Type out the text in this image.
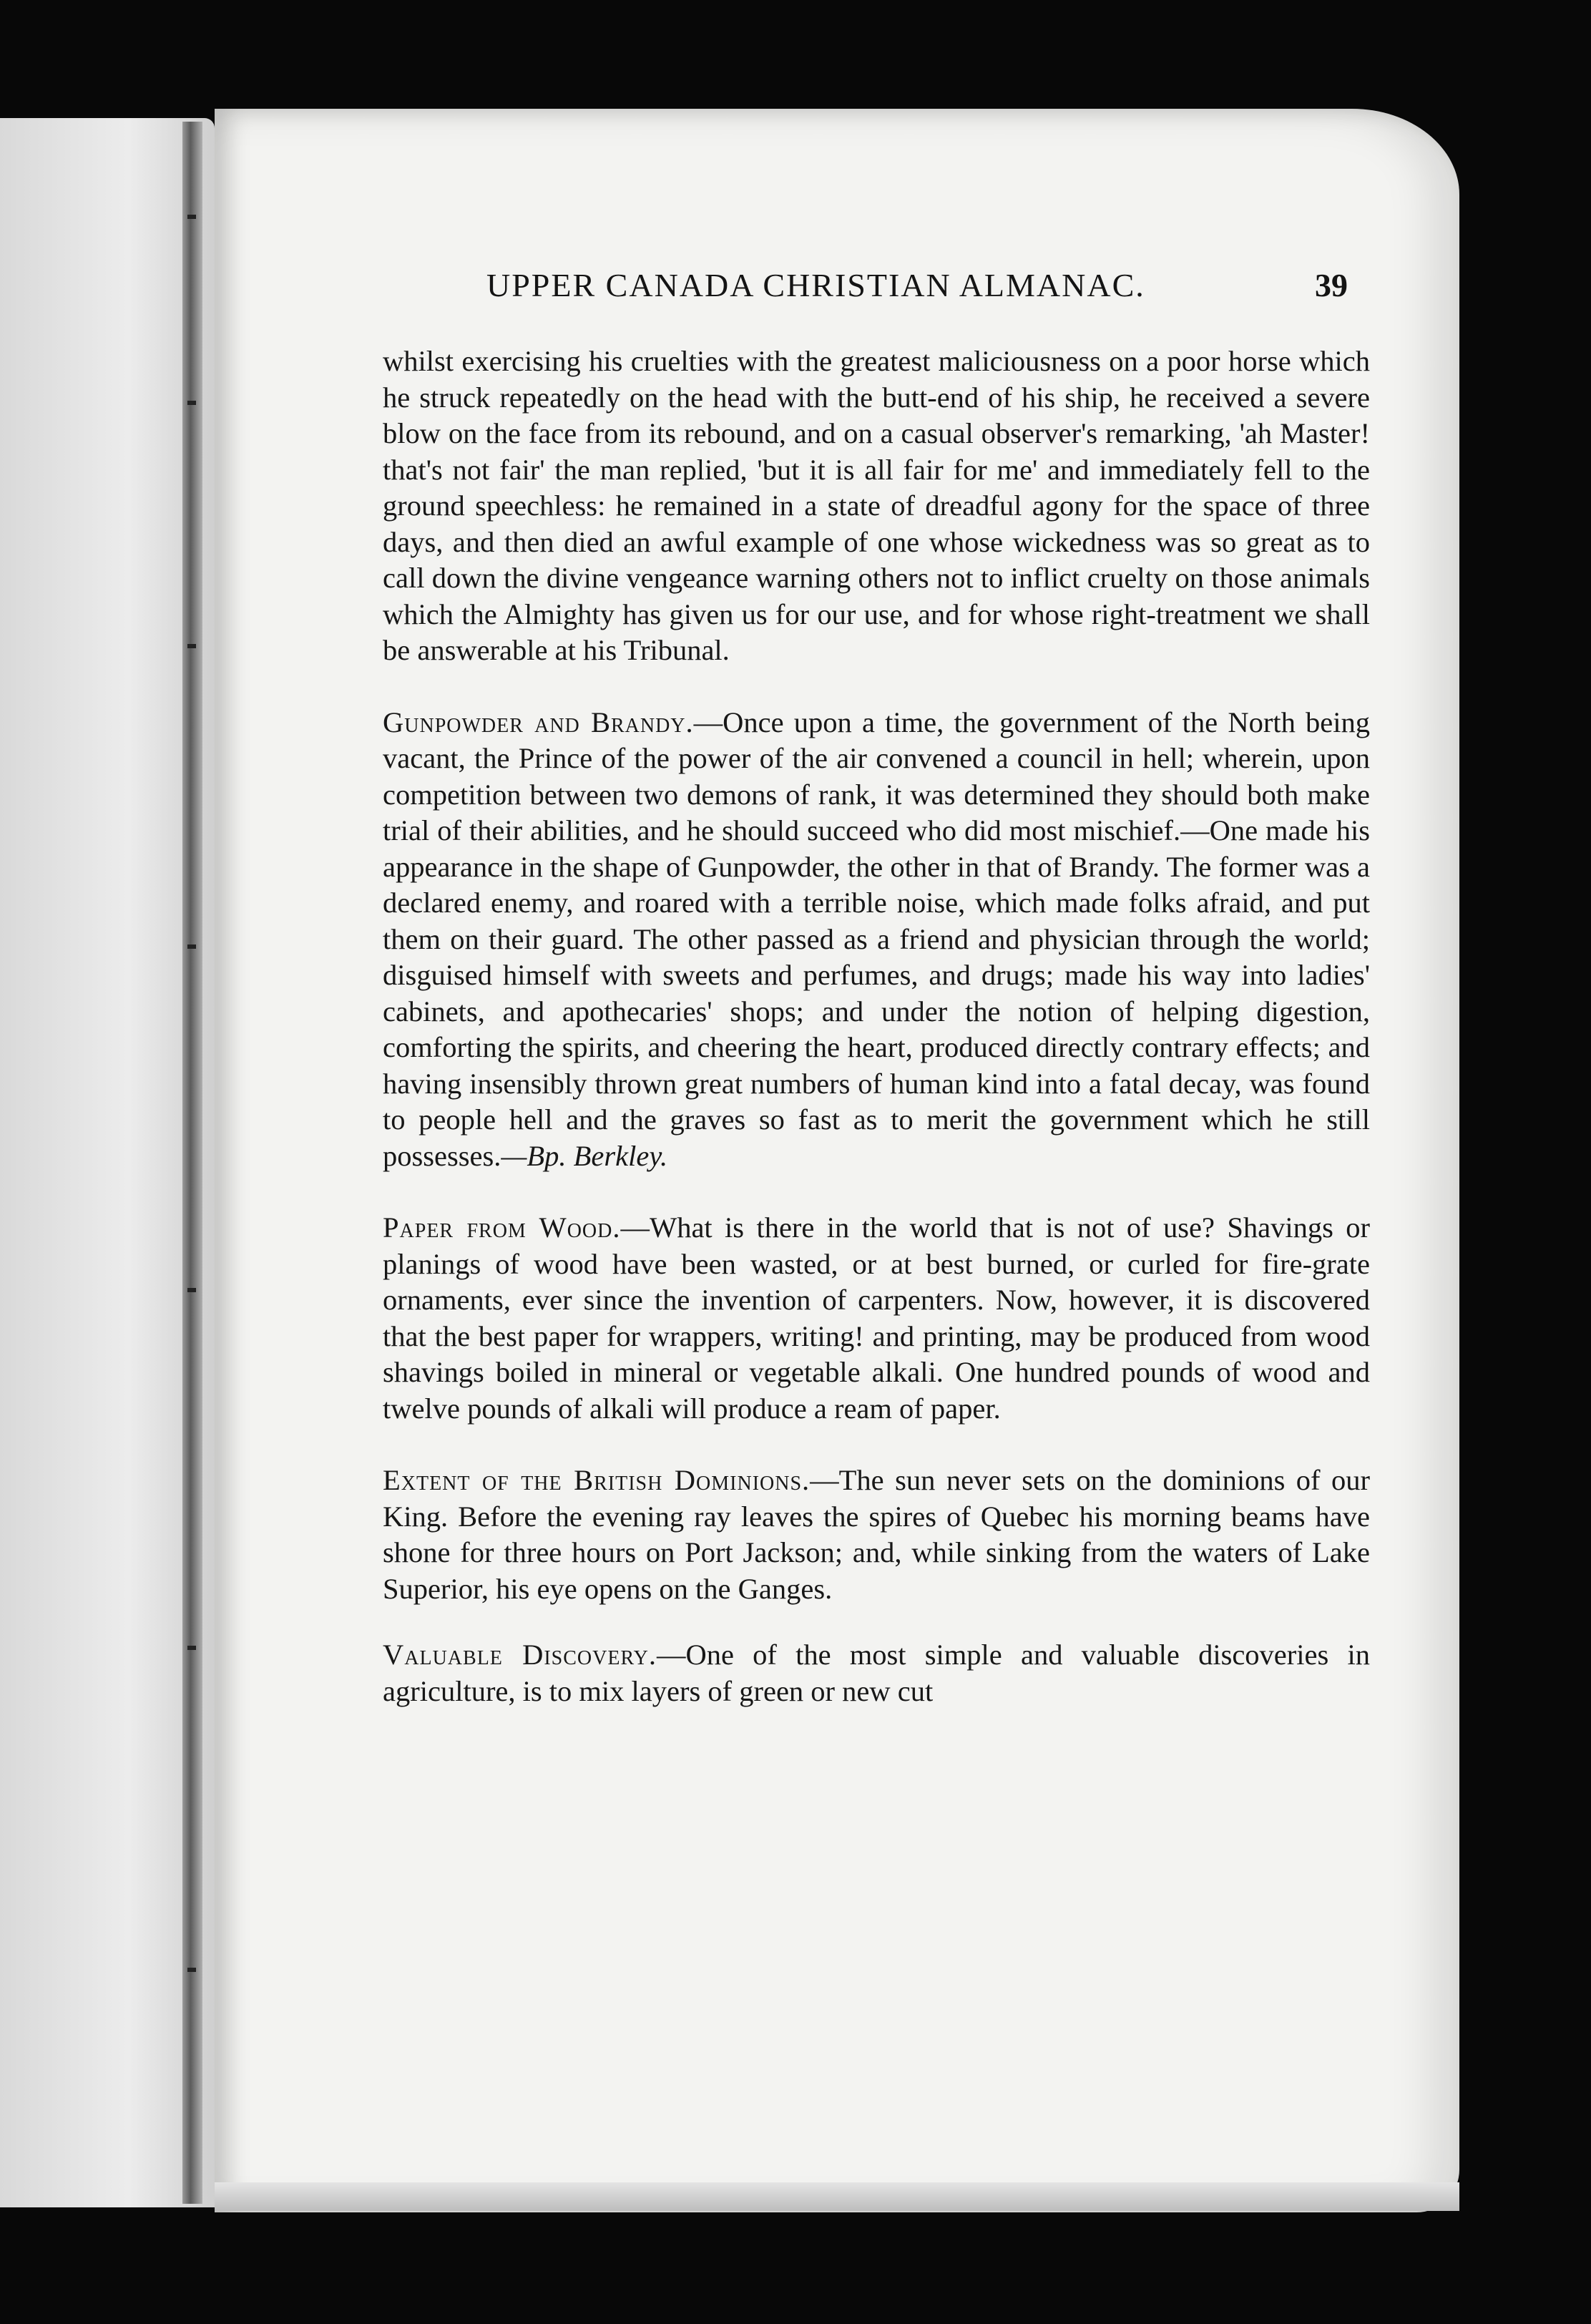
UPPER CANADA CHRISTIAN ALMANAC.	39

whilst exercising his cruelties with the greatest maliciousness on a poor horse which he struck repeatedly on the head with the butt-end of his ship, he received a severe blow on the face from its rebound, and on a casual observer's remarking, 'ah Master! that's not fair' the man replied, 'but it is all fair for me' and immediately fell to the ground speechless: he remained in a state of dreadful agony for the space of three days, and then died an awful example of one whose wickedness was so great as to call down the divine vengeance warning others not to inflict cruelty on those animals which the Almighty has given us for our use, and for whose right-treatment we shall be answerable at his Tribunal.

Gunpowder and Brandy.—Once upon a time, the government of the North being vacant, the Prince of the power of the air convened a council in hell; wherein, upon competition between two demons of rank, it was determined they should both make trial of their abilities, and he should succeed who did most mischief.—One made his appearance in the shape of Gunpowder, the other in that of Brandy. The former was a declared enemy, and roared with a terrible noise, which made folks afraid, and put them on their guard. The other passed as a friend and physician through the world; disguised himself with sweets and perfumes, and drugs; made his way into ladies' cabinets, and apothecaries' shops; and under the notion of helping digestion, comforting the spirits, and cheering the heart, produced directly contrary effects; and having insensibly thrown great numbers of human kind into a fatal decay, was found to people hell and the graves so fast as to merit the government which he still possesses.—Bp. Berkley.

Paper from Wood.—What is there in the world that is not of use? Shavings or planings of wood have been wasted, or at best burned, or curled for fire-grate ornaments, ever since the invention of carpenters. Now, however, it is discovered that the best paper for wrappers, writing! and printing, may be produced from wood shavings boiled in mineral or vegetable alkali. One hundred pounds of wood and twelve pounds of alkali will produce a ream of paper.

Extent of the British Dominions.—The sun never sets on the dominions of our King. Before the evening ray leaves the spires of Quebec his morning beams have shone for three hours on Port Jackson; and, while sinking from the waters of Lake Superior, his eye opens on the Ganges.

Valuable Discovery.—One of the most simple and valuable discoveries in agriculture, is to mix layers of green or new cut
